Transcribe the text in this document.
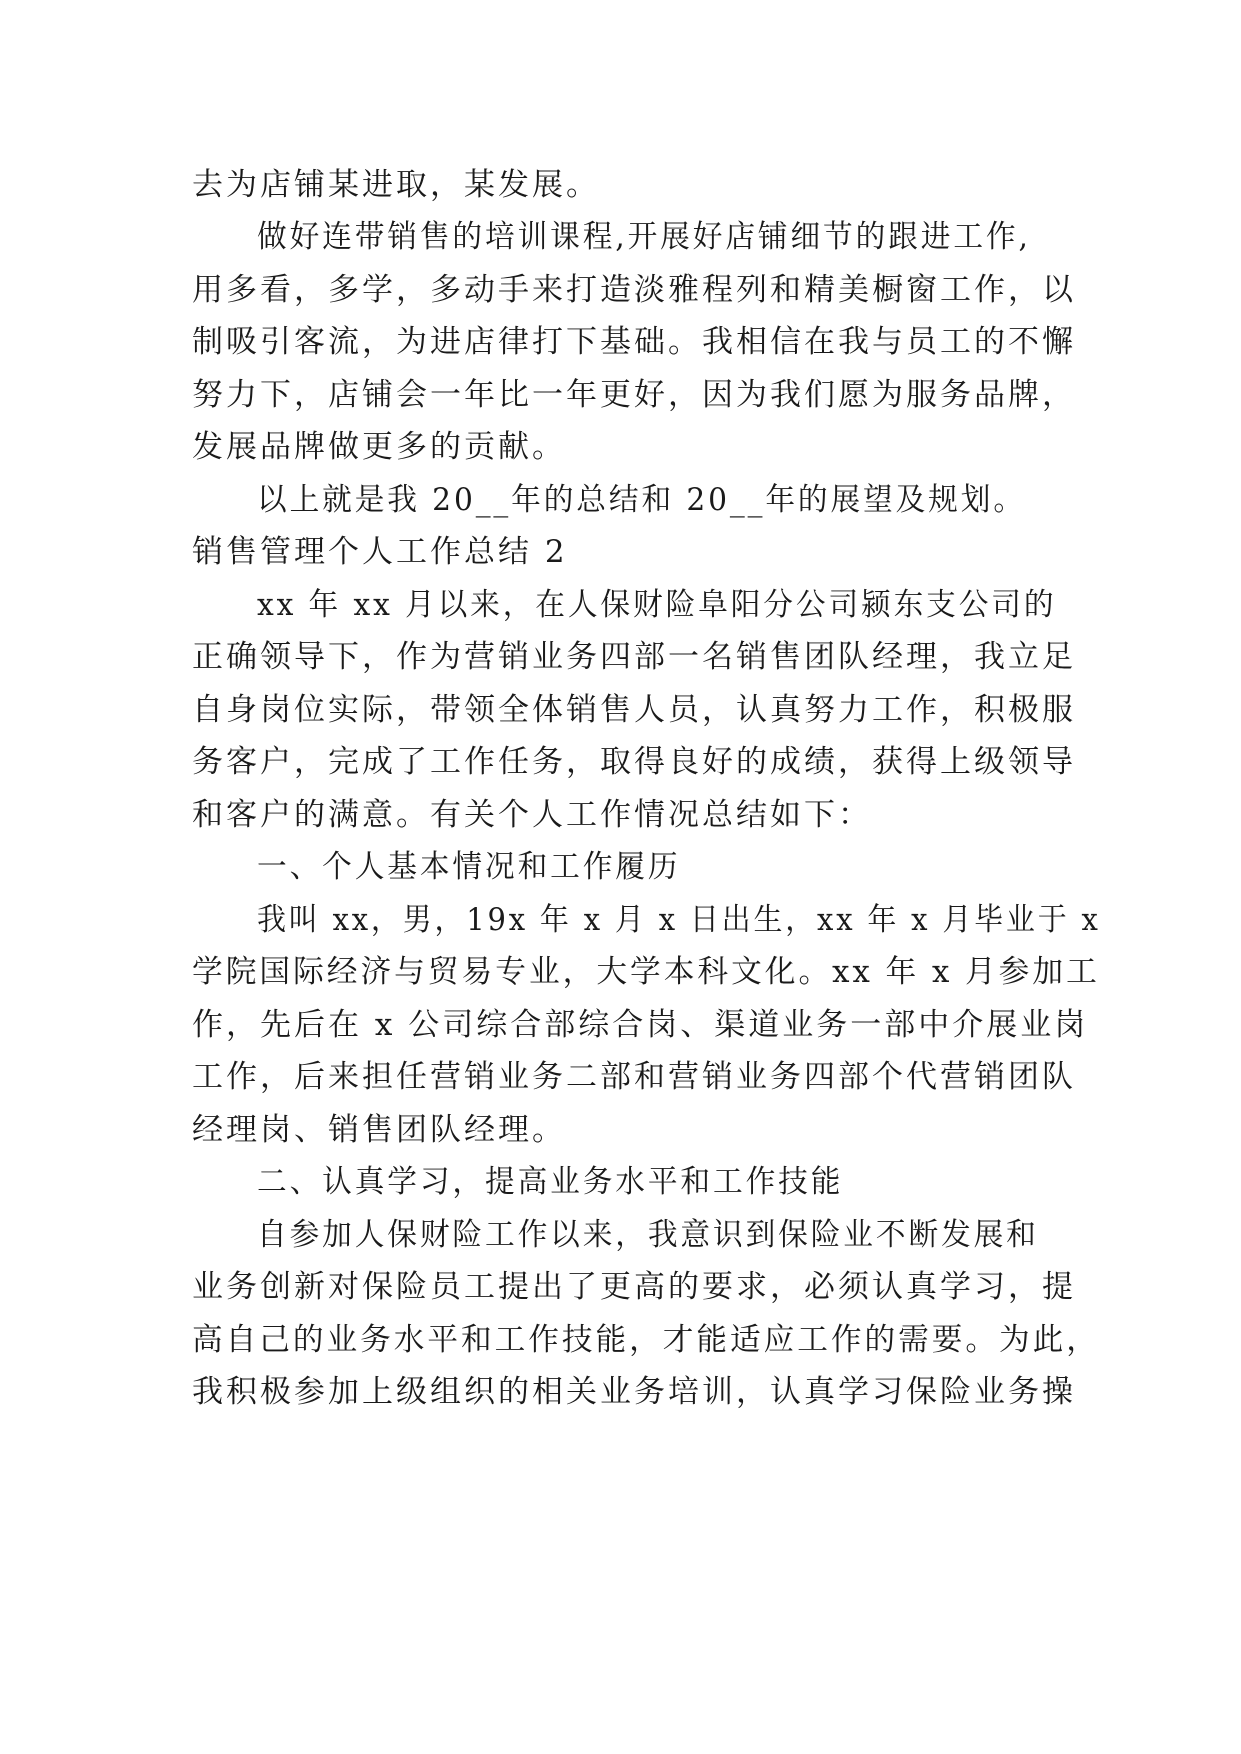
去为店铺某进取，某发展。
做好连带销售的培训课程,开展好店铺细节的跟进工作,
用多看，多学，多动手来打造淡雅程列和精美橱窗工作，以
制吸引客流，为进店律打下基础。我相信在我与员工的不懈
努力下，店铺会一年比一年更好，因为我们愿为服务品牌，
发展品牌做更多的贡献。
以上就是我 20__年的总结和 20__年的展望及规划。
销售管理个人工作总结 2
xx 年 xx 月以来，在人保财险阜阳分公司颍东支公司的
正确领导下，作为营销业务四部一名销售团队经理，我立足
自身岗位实际，带领全体销售人员，认真努力工作，积极服
务客户，完成了工作任务，取得良好的成绩，获得上级领导
和客户的满意。有关个人工作情况总结如下：
一、个人基本情况和工作履历
我叫 xx，男，19x 年 x 月 x 日出生，xx 年 x 月毕业于 x
学院国际经济与贸易专业，大学本科文化。xx 年 x 月参加工
作，先后在 x 公司综合部综合岗、渠道业务一部中介展业岗
工作，后来担任营销业务二部和营销业务四部个代营销团队
经理岗、销售团队经理。
二、认真学习，提高业务水平和工作技能
自参加人保财险工作以来，我意识到保险业不断发展和
业务创新对保险员工提出了更高的要求，必须认真学习，提
高自己的业务水平和工作技能，才能适应工作的需要。为此，
我积极参加上级组织的相关业务培训，认真学习保险业务操
